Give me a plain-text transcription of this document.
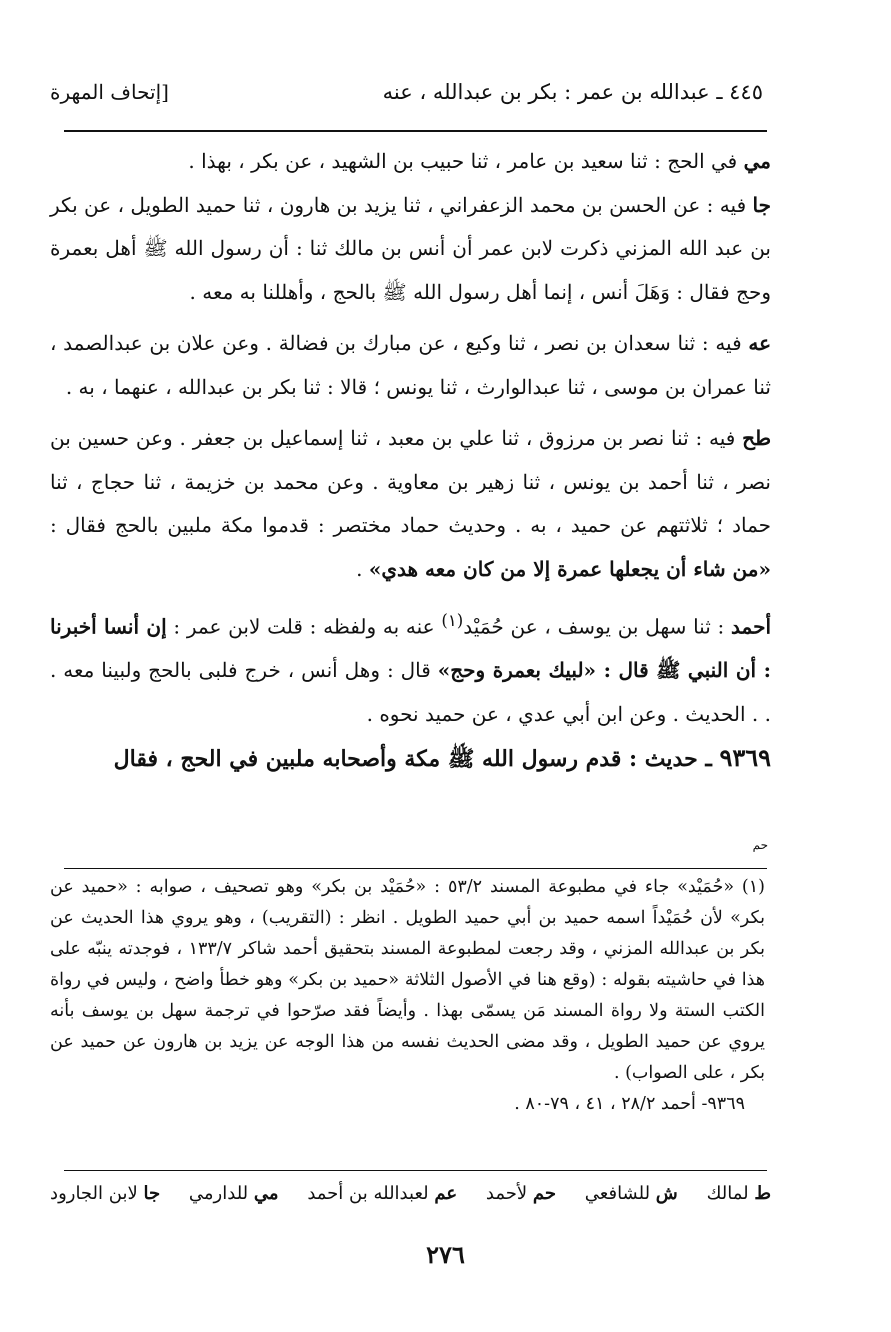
٤٤٥ ـ عبدالله بن عمر : بكر بن عبدالله ، عنه
[إتحاف المهرة

مي في الحج : ثنا سعيد بن عامر ، ثنا حبيب بن الشهيد ، عن بكر ، بهذا .

جا فيه : عن الحسن بن محمد الزعفراني ، ثنا يزيد بن هارون ، ثنا حميد الطويل ، عن بكر بن عبد الله المزني ذكرت لابن عمر أن أنس بن مالك ثنا : أن رسول الله ﷺ أهل بعمرة وحج فقال : وَهَلَ أنس ، إنما أهل رسول الله ﷺ بالحج ، وأهللنا به معه .

عه فيه : ثنا سعدان بن نصر ، ثنا وكيع ، عن مبارك بن فضالة . وعن علان بن عبدالصمد ، ثنا عمران بن موسى ، ثنا عبدالوارث ، ثنا يونس ؛ قالا : ثنا بكر بن عبدالله ، عنهما ، به .

طح فيه : ثنا نصر بن مرزوق ، ثنا علي بن معبد ، ثنا إسماعيل بن جعفر . وعن حسين بن نصر ، ثنا أحمد بن يونس ، ثنا زهير بن معاوية . وعن محمد بن خزيمة ، ثنا حجاج ، ثنا حماد ؛ ثلاثتهم عن حميد ، به . وحديث حماد مختصر : قدموا مكة ملبين بالحج فقال : «من شاء أن يجعلها عمرة إلا من كان معه هدي» .

أحمد : ثنا سهل بن يوسف ، عن حُمَيْد$^{(١)}$ عنه به ولفظه : قلت لابن عمر : إن أنسا أخبرنا : أن النبي ﷺ قال : «لبيك بعمرة وحج» قال : وهل أنس ، خرج فلبى بالحج ولبينا معه . . . الحديث . وعن ابن أبي عدي ، عن حميد نحوه .

٩٣٦٩ ـ حديث : قدم رسول الله ﷺ مكة وأصحابه ملبين في الحج ، فقال

حم

(١) «حُمَيْد» جاء في مطبوعة المسند ٥٣/٢ : «حُمَيْد بن بكر» وهو تصحيف ، صوابه : «حميد عن بكر» لأن حُمَيْداً اسمه حميد بن أبي حميد الطويل . انظر : (التقريب) ، وهو يروي هذا الحديث عن بكر بن عبدالله المزني ، وقد رجعت لمطبوعة المسند بتحقيق أحمد شاكر ١٣٣/٧ ، فوجدته ينبّه على هذا في حاشيته بقوله : (وقع هنا في الأصول الثلاثة «حميد بن بكر» وهو خطأ واضح ، وليس في رواة الكتب الستة ولا رواة المسند مَن يسمّى بهذا . وأيضاً فقد صرّحوا في ترجمة سهل بن يوسف بأنه يروي عن حميد الطويل ، وقد مضى الحديث نفسه من هذا الوجه عن يزيد بن هارون عن حميد عن بكر ، على الصواب) .

٩٣٦٩- أحمد ٢٨/٢ ، ٤١ ، ٧٩-٨٠ .

ط لمالك
ش للشافعي
حم لأحمد
عم لعبدالله بن أحمد
مي للدارمي
جا لابن الجارود
٢٧٦
